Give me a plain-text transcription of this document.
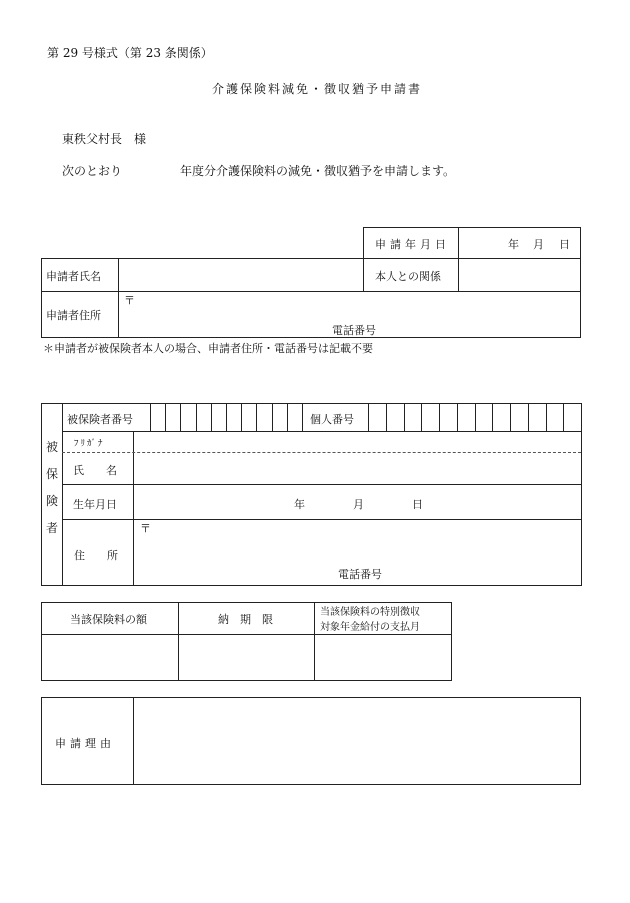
第 29 号様式（第 23 条関係）
介護保険料減免・徴収猶予申請書
東秩父村長　様
次のとおり	年度分介護保険料の減免・徴収猶予を申請します。
申請年月日	年 月 日
申請者氏名	本人との関係
申請者住所
〒
電話番号
＊申請者が被保険者本人の場合、申請者住所・電話番号は記載不要
被
保
険
者
被保険者番号	個人番号
ﾌﾘｶﾞﾅ
氏　　名
生年月日	年	月	日
住　　所
〒
電話番号
当該保険料の額	納　期　限
当該保険料の特別徴収
対象年金給付の支払月
申請理由
